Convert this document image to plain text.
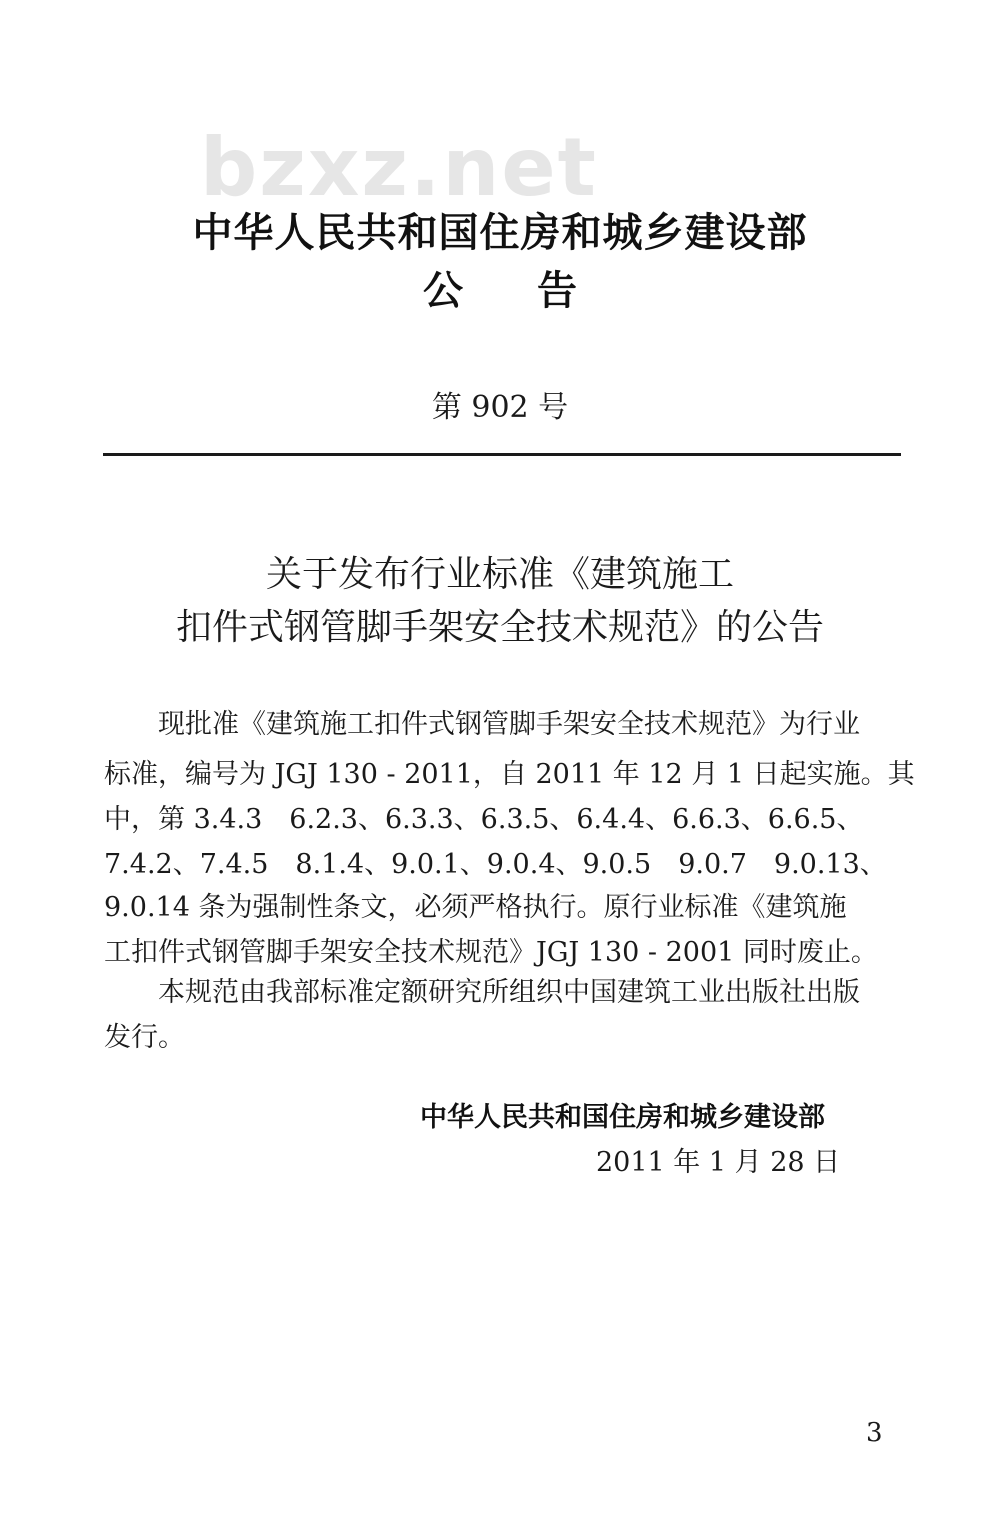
bzxz.net
中华人民共和国住房和城乡建设部
公告
第 902 号
关于发布行业标准《建筑施工
扣件式钢管脚手架安全技术规范》的公告
　　现批准《建筑施工扣件式钢管脚手架安全技术规范》为行业
标准，编号为 JGJ 130 - 2011，自 2011 年 12 月 1 日起实施。其
中，第 3.4.3　6.2.3、6.3.3、6.3.5、6.4.4、6.6.3、6.6.5、
7.4.2、7.4.5　8.1.4、9.0.1、9.0.4、9.0.5　9.0.7　9.0.13、
9.0.14 条为强制性条文，必须严格执行。原行业标准《建筑施
工扣件式钢管脚手架安全技术规范》JGJ 130 - 2001 同时废止。
　　本规范由我部标准定额研究所组织中国建筑工业出版社出版
发行。
中华人民共和国住房和城乡建设部
2011 年 1 月 28 日
3
